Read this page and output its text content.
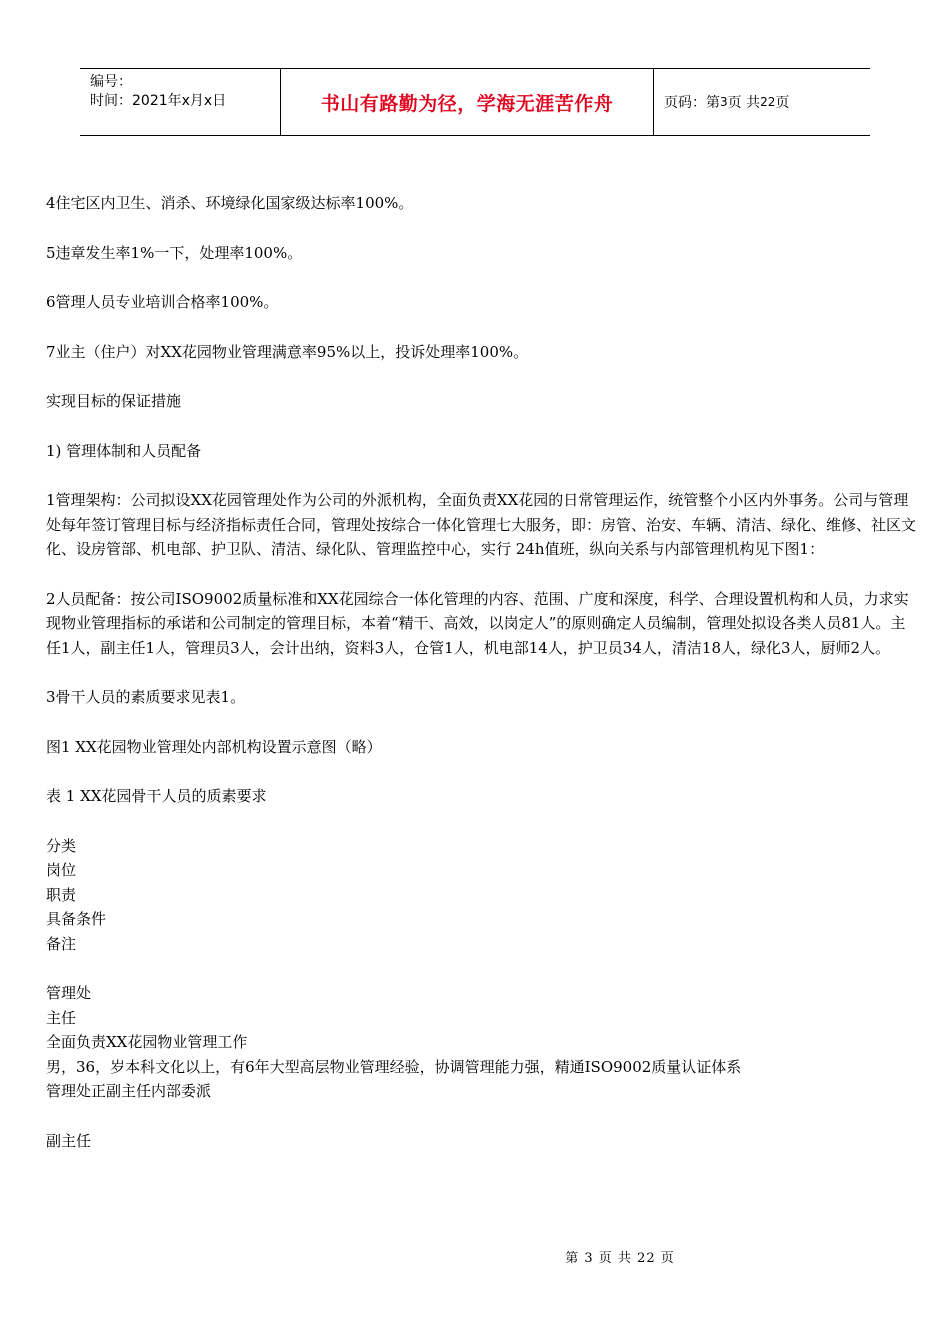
编号：
时间：2021年x月x日	书山有路勤为径，学海无涯苦作舟	页码：第 3 页 共 22 页

4住宅区内卫生、消杀、环境绿化国家级达标率100%。

5违章发生率1%一下，处理率100%。

6管理人员专业培训合格率100%。

7业主（住户）对XX花园物业管理满意率95%以上，投诉处理率100%。

实现目标的保证措施

1) 管理体制和人员配备

1管理架构：公司拟设XX花园管理处作为公司的外派机构，全面负责XX花园的日常管理运作，统管整个小区内外事务。公司与管理处每年签订管理目标与经济指标责任合同，管理处按综合一体化管理七大服务，即：房管、治安、车辆、清洁、绿化、维修、社区文化、设房管部、机电部、护卫队、清洁、绿化队、管理监控中心，实行 24h值班，纵向关系与内部管理机构见下图1：

2人员配备：按公司ISO9002质量标准和XX花园综合一体化管理的内容、范围、广度和深度，科学、合理设置机构和人员，力求实现物业管理指标的承诺和公司制定的管理目标，本着“精干、高效，以岗定人”的原则确定人员编制，管理处拟设各类人员81人。主任1人，副主任1人，管理员3人，会计出纳，资料3人，仓管1人，机电部14人，护卫员34人，清洁18人，绿化3人，厨师2人。

3骨干人员的素质要求见表1。

图1 XX花园物业管理处内部机构设置示意图（略）

表 1 XX花园骨干人员的质素要求

分类
岗位
职责
具备条件
备注
管理处
主任
全面负责XX花园物业管理工作
男，36，岁本科文化以上，有6年大型高层物业管理经验，协调管理能力强，精通ISO9002质量认证体系
管理处正副主任内部委派
副主任
第 3 页 共 22 页
